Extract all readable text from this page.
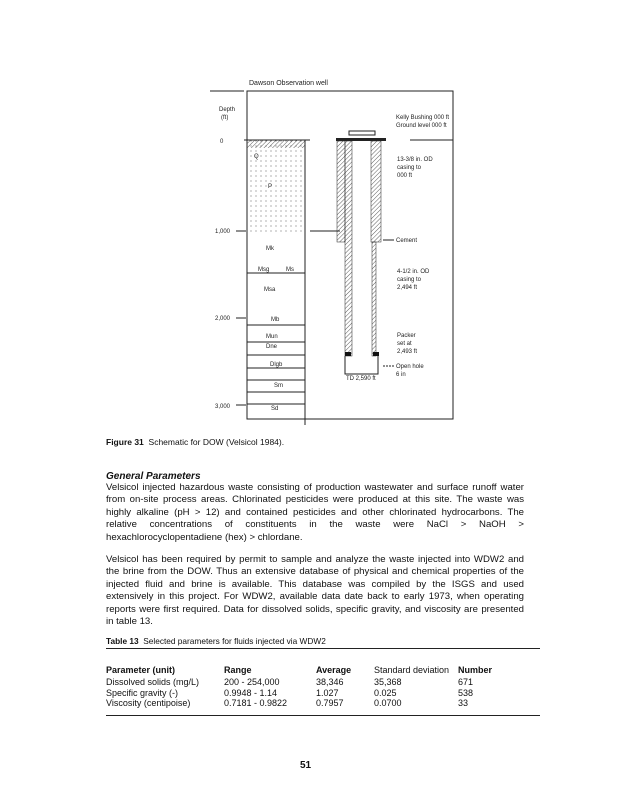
Dawson Observation well
Depth
(ft)
0
1,000
2,000
3,000
Q
P
Mk
Msg	Ms
Msa
Mb
Mun
Dne
Dlgb
Sm
Sd
Kelly Bushing 000 ft
Ground level 000 ft
13-3/8 in. OD
casing to
000 ft
Cement
4-1/2 in. OD
casing to
2,494 ft
Packer
set at
2,493 ft
Open hole
6 in
TD 2,590 ft
Figure 31 Schematic for DOW (Velsicol 1984).
General Parameters
Velsicol injected hazardous waste consisting of production wastewater and surface runoff water from on-site process areas. Chlorinated pesticides were produced at this site. The waste was highly alkaline (pH > 12) and contained pesticides and other chlorinated hydrocarbons. The relative concentrations of constituents in the waste were NaCl > NaOH > hexachlorocyclopentadiene (hex) > chlordane.
Velsicol has been required by permit to sample and analyze the waste injected into WDW2 and the brine from the DOW. Thus an extensive database of physical and chemical properties of the injected fluid and brine is available. This database was compiled by the ISGS and used extensively in this project. For WDW2, available data date back to early 1973, when operating reports were first required. Data for dissolved solids, specific gravity, and viscosity are presented in table 13.
Table 13 Selected parameters for fluids injected via WDW2
Parameter (unit)	Range	Average	Standard deviation	Number
Dissolved solids (mg/L)	200 - 254,000	38,346	35,368	671
Specific gravity (-)	0.9948 - 1.14	1.027	0.025	538
Viscosity (centipoise)	0.7181 - 0.9822	0.7957	0.0700	33

51
